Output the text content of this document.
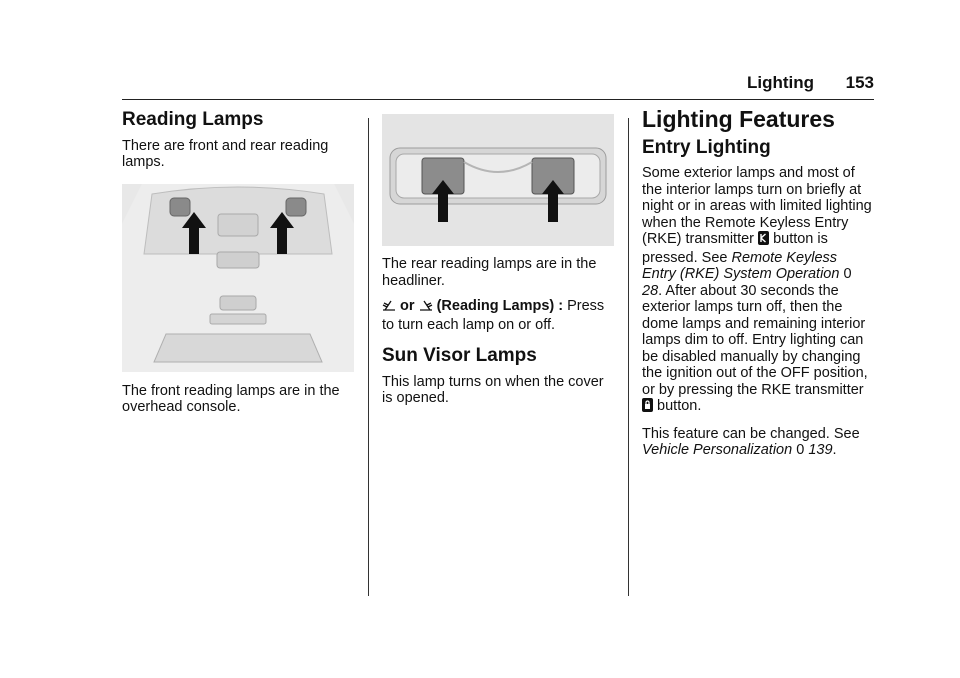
Lighting 153
Reading Lamps

There are front and rear reading lamps.

The front reading lamps are in the overhead console.

The rear reading lamps are in the headliner.

or (Reading Lamps) : Press to turn each lamp on or off.

Sun Visor Lamps

This lamp turns on when the cover is opened.

Lighting Features
Entry Lighting

Some exterior lamps and most of the interior lamps turn on briefly at night or in areas with limited lighting when the Remote Keyless Entry (RKE) transmitter button is pressed. See Remote Keyless Entry (RKE) System Operation 0 28. After about 30 seconds the exterior lamps turn off, then the dome lamps and remaining interior lamps dim to off. Entry lighting can be disabled manually by changing the ignition out of the OFF position, or by pressing the RKE transmitter  button.

This feature can be changed. See Vehicle Personalization 0 139.
